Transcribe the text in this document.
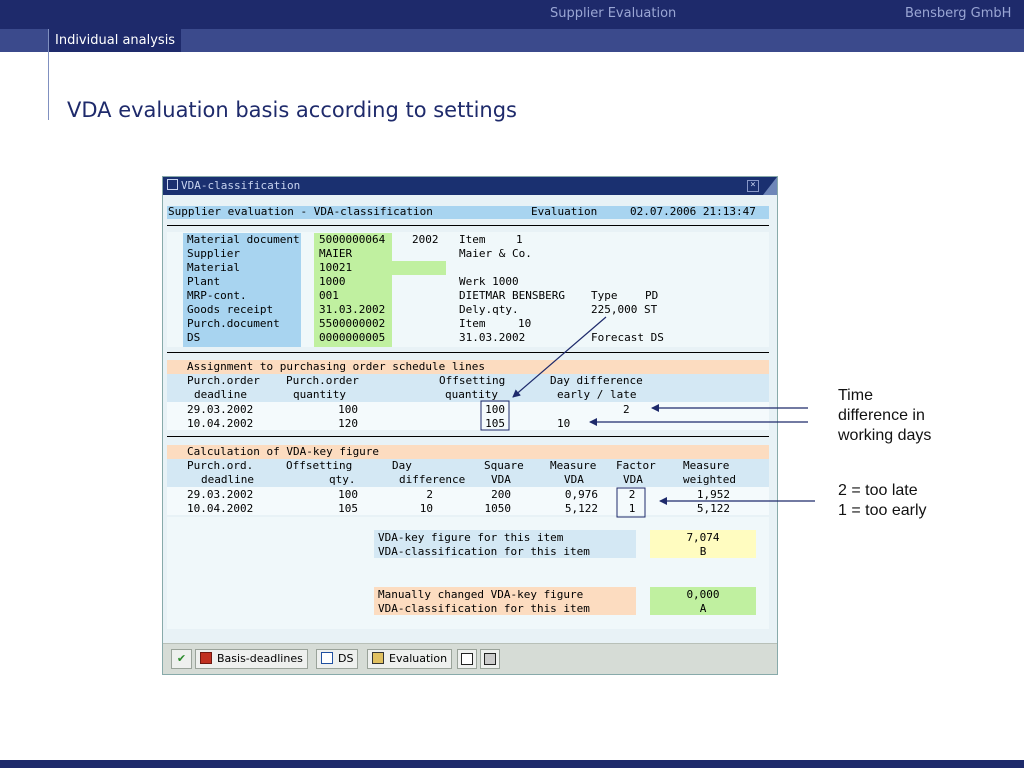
Supplier Evaluation	Bensberg GmbH
Individual analysis
VDA evaluation basis according to settings
VDA-classification	×
Supplier evaluation - VDA-classification	Evaluation	02.07.2006 21:13:47
Material document 5000000064 2002 Item	1
Supplier	MAIER	Maier & Co.
Material	10021
Plant	1000	Werk 1000
MRP-cont.	001	DIETMAR BENSBERG Type	PD
Goods receipt	31.03.2002	Dely.qty.	225,000 ST
Purch.document	5500000002	Item	10
DS	0000000005	31.03.2002	Forecast DS
Assignment to purchasing order schedule lines
Purch.order
deadline
Purch.order
quantity
Offsetting
quantity
Day difference
early / late
29.03.2002	100	100	2
10.04.2002	120	105	10
Calculation of VDA-key figure
Purch.ord.
deadline
Offsetting
qty.
Day
difference
Square
VDA
Measure
VDA
Factor
VDA
Measure
weighted
29.03.2002	100	2	200	0,976	2	1,952
10.04.2002	105	10	1050	5,122	1	5,122
VDA-key figure for this item	7,074
VDA-classification for this item	B
Manually changed VDA-key figure	0,000
VDA-classification for this item	A
✔	Basis-deadlines	DS	Evaluation
Time
difference in
working days
2 = too late
1 = too early
